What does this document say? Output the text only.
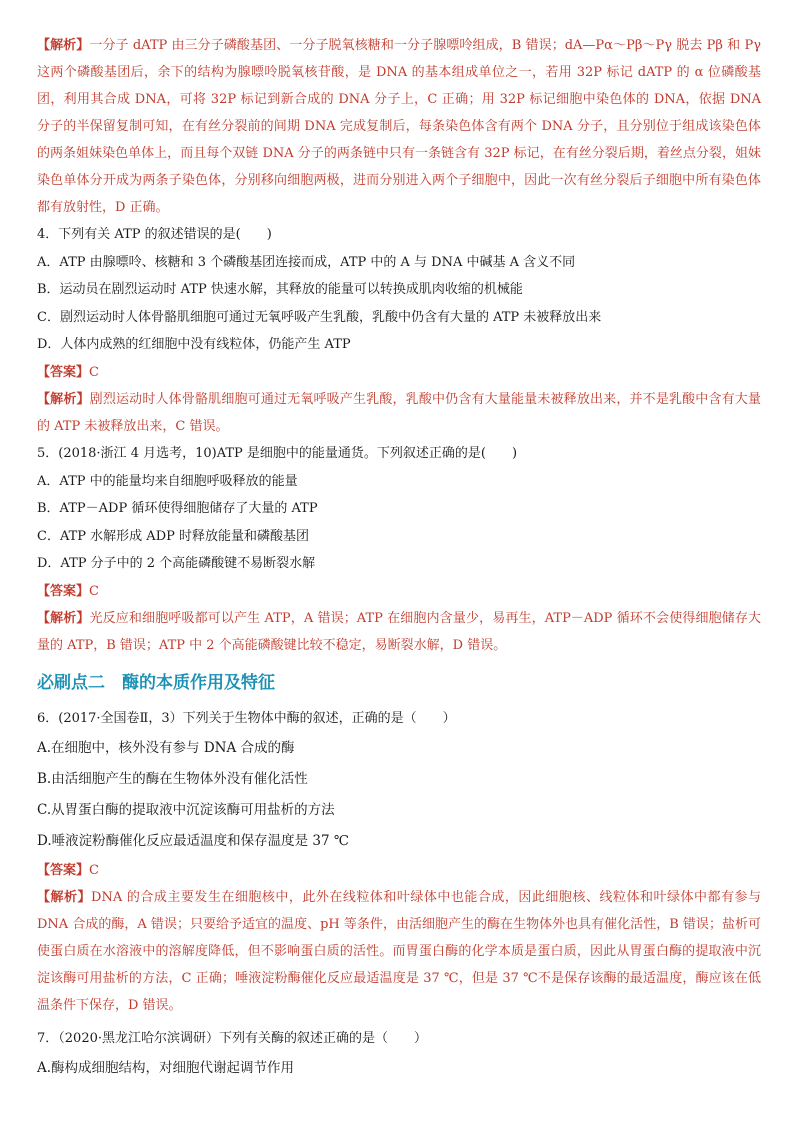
【解析】一分子 dATP 由三分子磷酸基团、一分子脱氧核糖和一分子腺嘌呤组成，B 错误；dA—Pα～Pβ～Pγ 脱去 Pβ 和 Pγ 这两个磷酸基团后，余下的结构为腺嘌呤脱氧核苷酸，是 DNA 的基本组成单位之一，若用 32P 标记 dATP 的 α 位磷酸基团，利用其合成 DNA，可将 32P 标记到新合成的 DNA 分子上，C 正确；用 32P 标记细胞中染色体的 DNA，依据 DNA 分子的半保留复制可知，在有丝分裂前的间期 DNA 完成复制后，每条染色体含有两个 DNA 分子，且分别位于组成该染色体的两条姐妹染色单体上，而且每个双链 DNA 分子的两条链中只有一条链含有 32P 标记，在有丝分裂后期，着丝点分裂，姐妹染色单体分开成为两条子染色体，分别移向细胞两极，进而分别进入两个子细胞中，因此一次有丝分裂后子细胞中所有染色体都有放射性，D 正确。

4．下列有关 ATP 的叙述错误的是(　　)

A．ATP 由腺嘌呤、核糖和 3 个磷酸基团连接而成，ATP 中的 A 与 DNA 中碱基 A 含义不同

B．运动员在剧烈运动时 ATP 快速水解，其释放的能量可以转换成肌肉收缩的机械能

C．剧烈运动时人体骨骼肌细胞可通过无氧呼吸产生乳酸，乳酸中仍含有大量的 ATP 未被释放出来

D．人体内成熟的红细胞中没有线粒体，仍能产生 ATP

【答案】C

【解析】剧烈运动时人体骨骼肌细胞可通过无氧呼吸产生乳酸，乳酸中仍含有大量能量未被释放出来，并不是乳酸中含有大量的 ATP 未被释放出来，C 错误。

5．(2018·浙江 4 月选考，10)ATP 是细胞中的能量通货。下列叙述正确的是(　　)

A．ATP 中的能量均来自细胞呼吸释放的能量

B．ATP－ADP 循环使得细胞储存了大量的 ATP

C．ATP 水解形成 ADP 时释放能量和磷酸基团

D．ATP 分子中的 2 个高能磷酸键不易断裂水解

【答案】C

【解析】光反应和细胞呼吸都可以产生 ATP，A 错误；ATP 在细胞内含量少，易再生，ATP－ADP 循环不会使得细胞储存大量的 ATP，B 错误；ATP 中 2 个高能磷酸键比较不稳定，易断裂水解，D 错误。

必刷点二　酶的本质作用及特征

6．(2017·全国卷Ⅱ，3）下列关于生物体中酶的叙述，正确的是（　　）

A.在细胞中，核外没有参与 DNA 合成的酶

B.由活细胞产生的酶在生物体外没有催化活性

C.从胃蛋白酶的提取液中沉淀该酶可用盐析的方法

D.唾液淀粉酶催化反应最适温度和保存温度是 37 ℃

【答案】C

【解析】DNA 的合成主要发生在细胞核中，此外在线粒体和叶绿体中也能合成，因此细胞核、线粒体和叶绿体中都有参与 DNA 合成的酶，A 错误；只要给予适宜的温度、pH 等条件，由活细胞产生的酶在生物体外也具有催化活性，B 错误；盐析可使蛋白质在水溶液中的溶解度降低，但不影响蛋白质的活性。而胃蛋白酶的化学本质是蛋白质，因此从胃蛋白酶的提取液中沉淀该酶可用盐析的方法，C 正确；唾液淀粉酶催化反应最适温度是 37 ℃，但是 37 ℃不是保存该酶的最适温度，酶应该在低温条件下保存，D 错误。

7．（2020·黑龙江哈尔滨调研）下列有关酶的叙述正确的是（　　）

A.酶构成细胞结构，对细胞代谢起调节作用
